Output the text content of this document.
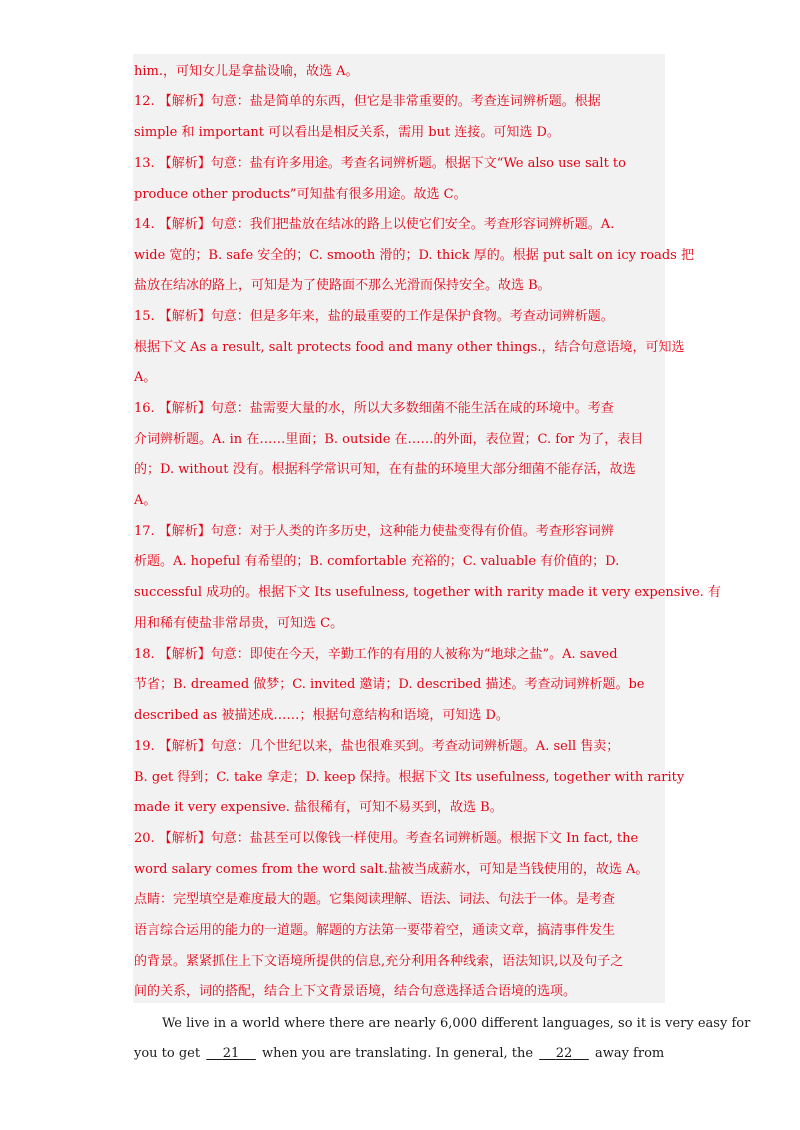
him.，可知女儿是拿盐设喻，故选 A。
12. 【解析】句意：盐是简单的东西，但它是非常重要的。考查连词辨析题。根据
simple 和 important 可以看出是相反关系，需用 but 连接。可知选 D。
13. 【解析】句意：盐有许多用途。考查名词辨析题。根据下文“We also use salt to
produce other products”可知盐有很多用途。故选 C。
14. 【解析】句意：我们把盐放在结冰的路上以使它们安全。考查形容词辨析题。A.
wide 宽的；B. safe 安全的；C. smooth 滑的；D. thick 厚的。根据 put salt on icy roads 把
盐放在结冰的路上，可知是为了使路面不那么光滑而保持安全。故选 B。
15. 【解析】句意：但是多年来，盐的最重要的工作是保护食物。考查动词辨析题。
根据下文 As a result, salt protects food and many other things.，结合句意语境，可知选
A。
16. 【解析】句意：盐需要大量的水，所以大多数细菌不能生活在咸的环境中。考查
介词辨析题。A. in 在……里面；B. outside 在……的外面，表位置；C. for 为了，表目
的；D. without 没有。根据科学常识可知，在有盐的环境里大部分细菌不能存活，故选
A。
17. 【解析】句意：对于人类的许多历史，这种能力使盐变得有价值。考查形容词辨
析题。A. hopeful 有希望的；B. comfortable 充裕的；C. valuable 有价值的；D.
successful 成功的。根据下文 Its usefulness, together with rarity made it very expensive. 有
用和稀有使盐非常昂贵，可知选 C。
18. 【解析】句意：即使在今天，辛勤工作的有用的人被称为“地球之盐”。A. saved
节省；B. dreamed 做梦；C. invited 邀请；D. described 描述。考查动词辨析题。be
described as 被描述成……；根据句意结构和语境，可知选 D。
19. 【解析】句意：几个世纪以来，盐也很难买到。考查动词辨析题。A. sell 售卖；
B. get 得到；C. take 拿走；D. keep 保持。根据下文 Its usefulness, together with rarity
made it very expensive. 盐很稀有，可知不易买到，故选 B。
20. 【解析】句意：盐甚至可以像钱一样使用。考查名词辨析题。根据下文 In fact, the
word salary comes from the word salt.盐被当成薪水，可知是当钱使用的，故选 A。
点睛：完型填空是难度最大的题。它集阅读理解、语法、词法、句法于一体。是考查
语言综合运用的能力的一道题。解题的方法第一要带着空，通读文章，搞清事件发生
的背景。紧紧抓住上下文语境所提供的信息,充分利用各种线索，语法知识,以及句子之
间的关系，词的搭配，结合上下文背景语境，结合句意选择适合语境的选项。
We live in a world where there are nearly 6,000 different languages, so it is very easy for
you to get 21 when you are translating. In general, the 22 away from
